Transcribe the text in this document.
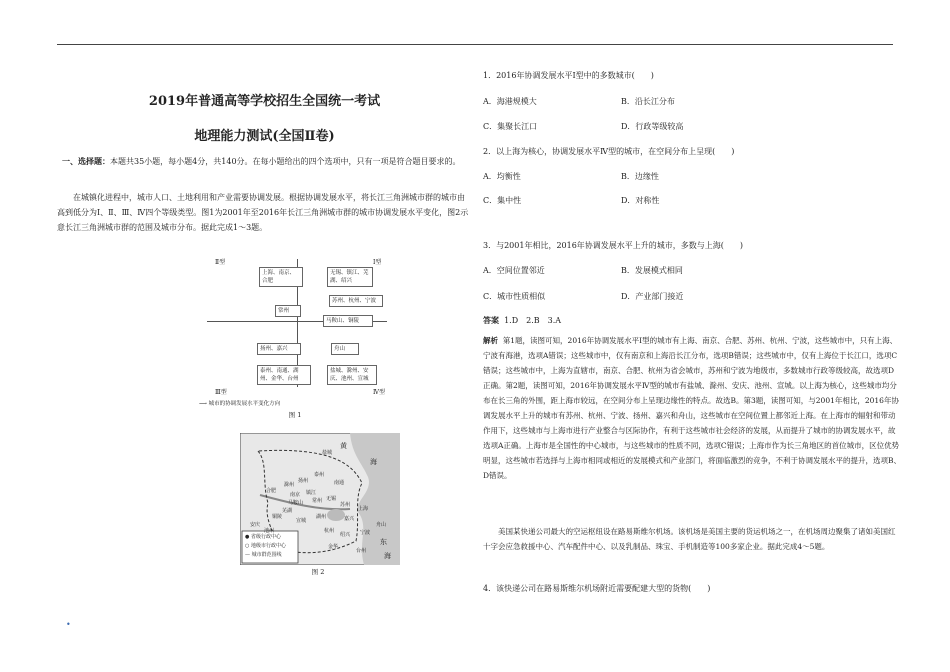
2019年普通高等学校招生全国统一考试
地理能力测试(全国Ⅱ卷)

一、选择题：本题共35小题，每小题4分，共140分。在每小题给出的四个选项中，只有一项是符合题目要求的。

在城镇化进程中，城市人口、土地利用和产业需要协调发展。根据协调发展水平，将长江三角洲城市群的城市由高到低分为Ⅰ、Ⅱ、Ⅲ、Ⅳ四个等级类型。图1为2001年至2016年长江三角洲城市群的城市协调发展水平变化，图2示意长江三角洲城市群的范围及城市分布。据此完成1～3题。

Ⅱ型	Ⅰ型
Ⅲ型	Ⅳ型
上海、南京、合肥
无锡、镇江、芜湖、绍兴
苏州、杭州、宁波
常州
马鞍山、铜陵
扬州、嘉兴	舟山
泰州、南通、湖州、金华、台州
盐城、滁州、安庆、池州、宣城
⟶ 城市的协调发展水平变化方向
图 1
黄
海
东
海
盐城
泰州
扬州	南通
合肥
滁州
南京 镇江
常州 无锡
苏州
上海
马鞍山
芜湖
铜陵
安庆
池州
宣城
湖州	嘉兴
杭州
绍兴 宁波
舟山
金华
台州
● 省级行政中心
○ 地级市行政中心
— 城市群范围线
图 2

1．2016年协调发展水平Ⅰ型中的多数城市(　　)

A．海港规模大	B．沿长江分布
C．集聚长江口	D．行政等级较高

2．以上海为核心，协调发展水平Ⅳ型的城市，在空间分布上呈现(　　)

A．均衡性	B．边缘性
C．集中性	D．对称性

3．与2001年相比，2016年协调发展水平上升的城市，多数与上海(　　)

A．空间位置邻近	B．发展模式相同
C．城市性质相似	D．产业部门接近
答案 1.D　2.B　3.A

解析 第1题，读图可知，2016年协调发展水平Ⅰ型的城市有上海、南京、合肥、苏州、杭州、宁波，这些城市中，只有上海、宁波有海港，选项A错误；这些城市中，仅有南京和上海沿长江分布，选项B错误；这些城市中，仅有上海位于长江口，选项C错误；这些城市中，上海为直辖市，南京、合肥、杭州为省会城市，苏州和宁波为地级市，多数城市行政等级较高，故选项D正确。第2题，读图可知，2016年协调发展水平Ⅳ型的城市有盐城、滁州、安庆、池州、宣城。以上海为核心，这些城市均分布在长三角的外围，距上海市较远，在空间分布上呈现边缘性的特点。故选B。第3题，读图可知，与2001年相比，2016年协调发展水平上升的城市有苏州、杭州、宁波、扬州、嘉兴和舟山，这些城市在空间位置上都邻近上海。在上海市的辐射和带动作用下，这些城市与上海市进行产业整合与区际协作，有利于这些城市社会经济的发展，从而提升了城市的协调发展水平，故选项A正确。上海市是全国性的中心城市，与这些城市的性质不同，选项C错误；上海市作为长三角地区的首位城市，区位优势明显，这些城市若选择与上海市相同或相近的发展模式和产业部门，将面临激烈的竞争，不利于协调发展水平的提升，选项B、D错误。

美国某快递公司最大的空运枢纽设在路易斯维尔机场。该机场是美国主要的货运机场之一，在机场周边聚集了诸如美国红十字会应急救援中心、汽车配件中心、以及乳制品、珠宝、手机制造等100多家企业。据此完成4～5题。

4．该快递公司在路易斯维尔机场附近需要配建大型的货物(　　)

•
